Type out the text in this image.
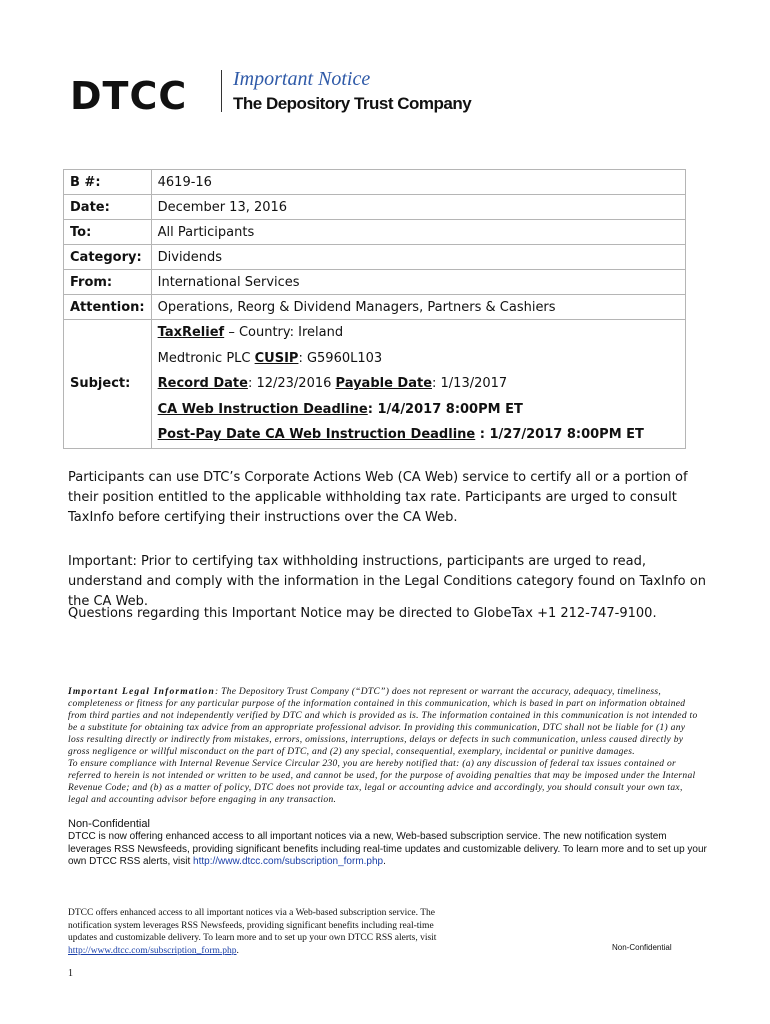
DTCC Important Notice
The Depository Trust Company
B #:	4619-16
Date:	December 13, 2016
To:	All Participants
Category:	Dividends
From:	International Services
Attention:	Operations, Reorg & Dividend Managers, Partners & Cashiers
Subject:	TaxRelief – Country: Ireland
Medtronic PLC CUSIP: G5960L103
Record Date: 12/23/2016 Payable Date: 1/13/2017
CA Web Instruction Deadline: 1/4/2017 8:00PM ET
Post-Pay Date CA Web Instruction Deadline : 1/27/2017 8:00PM ET
Participants can use DTC’s Corporate Actions Web (CA Web) service to certify all or a portion of their position entitled to the applicable withholding tax rate. Participants are urged to consult TaxInfo before certifying their instructions over the CA Web.
Important: Prior to certifying tax withholding instructions, participants are urged to read, understand and comply with the information in the Legal Conditions category found on TaxInfo on the CA Web.
Questions regarding this Important Notice may be directed to GlobeTax +1 212-747-9100.
Important Legal Information: The Depository Trust Company (“DTC”) does not represent or warrant the accuracy, adequacy, timeliness, completeness or fitness for any particular purpose of the information contained in this communication, which is based in part on information obtained from third parties and not independently verified by DTC and which is provided as is. The information contained in this communication is not intended to be a substitute for obtaining tax advice from an appropriate professional advisor. In providing this communication, DTC shall not be liable for (1) any loss resulting directly or indirectly from mistakes, errors, omissions, interruptions, delays or defects in such communication, unless caused directly by gross negligence or willful misconduct on the part of DTC, and (2) any special, consequential, exemplary, incidental or punitive damages.
To ensure compliance with Internal Revenue Service Circular 230, you are hereby notified that: (a) any discussion of federal tax issues contained or referred to herein is not intended or written to be used, and cannot be used, for the purpose of avoiding penalties that may be imposed under the Internal Revenue Code; and (b) as a matter of policy, DTC does not provide tax, legal or accounting advice and accordingly, you should consult your own tax, legal and accounting advisor before engaging in any transaction.
Non-Confidential
DTCC is now offering enhanced access to all important notices via a new, Web-based subscription service. The new notification system leverages RSS Newsfeeds, providing significant benefits including real-time updates and customizable delivery. To learn more and to set up your own DTCC RSS alerts, visit http://www.dtcc.com/subscription_form.php.
DTCC offers enhanced access to all important notices via a Web-based subscription service. The notification system leverages RSS Newsfeeds, providing significant benefits including real-time updates and customizable delivery. To learn more and to set up your own DTCC RSS alerts, visit http://www.dtcc.com/subscription_form.php.	Non-Confidential
1
